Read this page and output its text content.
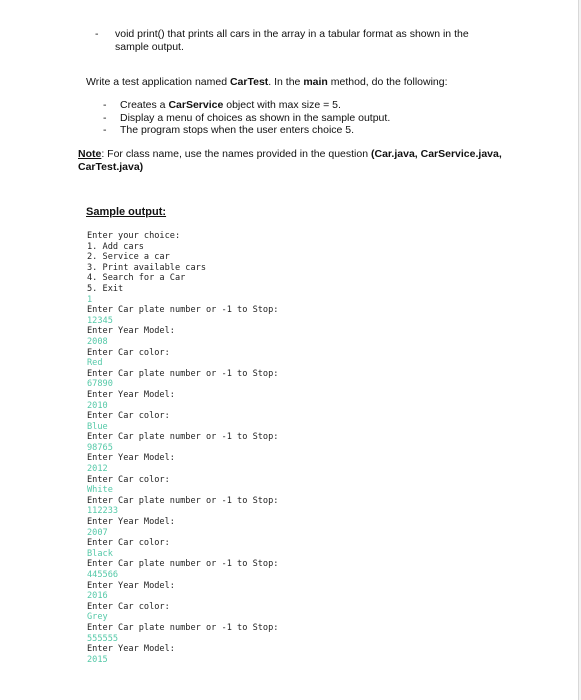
- void print() that prints all cars in the array in a tabular format as shown in the sample output.
Write a test application named CarTest. In the main method, do the following:
- Creates a CarService object with max size = 5.
- Display a menu of choices as shown in the sample output.
- The program stops when the user enters choice 5.
Note: For class name, use the names provided in the question (Car.java, CarService.java, CarTest.java)
Sample output:
Enter your choice:
1. Add cars
2. Service a car
3. Print available cars
4. Search for a Car
5. Exit
1
Enter Car plate number or -1 to Stop:
12345
Enter Year Model:
2008
Enter Car color:
Red
Enter Car plate number or -1 to Stop:
67890
Enter Year Model:
2010
Enter Car color:
Blue
Enter Car plate number or -1 to Stop:
98765
Enter Year Model:
2012
Enter Car color:
White
Enter Car plate number or -1 to Stop:
112233
Enter Year Model:
2007
Enter Car color:
Black
Enter Car plate number or -1 to Stop:
445566
Enter Year Model:
2016
Enter Car color:
Grey
Enter Car plate number or -1 to Stop:
555555
Enter Year Model:
2015
